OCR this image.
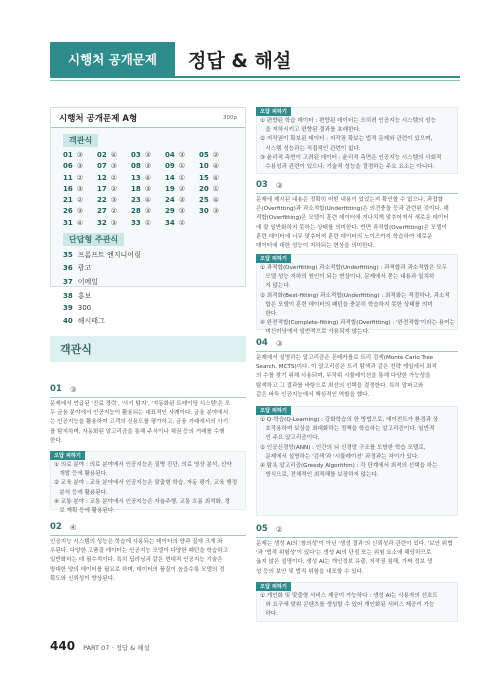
시행처 공개문제	정답 & 해설
시행처 공개문제 A형	300p
객관식
01 ③	02 ④	03 ③	04 ③	05 ②
06 ③	07 ③	08 ③	09 ①	10 ④
11 ②	12 ②	13 ④	14 ①	15 ④
16 ③	17 ②	18 ③	19 ②	20 ①
21 ②	22 ③	23 ④	24 ③	25 ④
26 ③	27 ②	28 ③	29 ③	30 ③
31 ④	32 ③	33 ①	34 ②
단답형 주관식
35 프롬프트 엔지니어링
36 광고
37 이메일
38 홍보
39 300
40 해시태그
객관식
01 ③
문제에서 언급된 '진료 경력', '사기 탐지', '자동화된 트레이딩 시스템'은 모
두 금융 분야에서 인공지능이 활용되는 대표적인 사례이다. 금융 분야에서
는 인공지능을 활용하여 고객의 신용도를 평가하고, 금융 거래에서의 사기
를 탐지하며, 자동화된 알고리즘을 통해 주식이나 채권 등의 거래를 수행
한다.
오답 피하기
① 의료 분야 : 의료 분야에서 인공지능은 질병 진단, 의료 영상 분석, 신약
개발 등에 활용된다.
② 교육 분야 : 교육 분야에서 인공지능은 맞춤형 학습, 자동 평가, 교육 행정
분석 등에 활용된다.
④ 교통 분야 : 교통 분야에서 인공지능은 자율주행, 교통 흐름 최적화, 경
로 계획 등에 활용된다.
02 ④
인공지능 시스템의 성능은 학습에 사용되는 데이터의 양과 질에 크게 좌
우된다. 다양한 고품질 데이터는 인공지능 모델이 다양한 패턴을 학습하고
일반화하는 데 필수적이다. 특히 딥러닝과 같은 현대적 인공지능 기술은
방대한 양의 데이터를 필요로 하며, 데이터의 품질이 높을수록 모델의 정
확도와 신뢰성이 향상된다.
오답 피하기
① 편향된 학습 데이터 : 편향된 데이터는 오히려 인공지능 시스템의 성능
을 저하시키고 편향된 결과를 초래한다.
② 저작권이 확보된 데이터 : 저작권 확보는 법적 문제와 관련이 있으며,
시스템 성능과는 직접적인 관련이 없다.
③ 윤리적 측면이 고려된 데이터 : 윤리적 측면은 인공지능 시스템의 사회적
수용성과 관련이 있으나, 기술적 성능을 결정하는 주요 요소는 아니다.
03 ③
문제에 제시된 내용은 정확히 어떤 내용이 있었는지 확인할 수 없으나, 과접합
은(Overfitting)과 과소적합(Underfitting)은 의견충돌 등과 관련된 것이다. 해
적합(Overfitting)은 모델이 훈련 데이터에 지나치게 맞추어져서 새로운 데이터
에 잘 일반화하지 못하는 상태를 의미한다. 반면 과적합(Overfitting)은 모델이
훈련 데이터에 너무 맞추어져 훈련 데이터의 노이즈까지 학습하여 새로운
데이터에 대한 성능이 저하되는 현상을 의미한다.
오답 피하기
① 과적합(Overfitting) 과소적합(Underfitting) : 과적합과 과소적합은 모두
모델 성능 저하의 원인이 되는 현상이나, 문제에서 묻는 내용과 일치하
지 않는다.
② 최적화(Best-fitting) 과소적합(Underfitting) : 최적화는 적절하나, 과소적
합은 모델이 훈련 데이터의 패턴을 충분히 학습하지 못한 상태를 의미
한다.
④ 완전적합(Complete-fitting) 과적합(Overfitting) : '완전적합'이라는 용어는
머신러닝에서 일반적으로 사용되지 않는다.
04 ③
문제에서 설명하는 알고리즘은 몬테카를로 트리 검색(Monte Carlo Tree
Search, MCTS)이다. 이 알고리즘은 트리 탐색과 같은 전략 게임에서 최적
의 수를 찾기 위해 사용되며, 무작위 시뮬레이션을 통해 다양한 가능성을
탐색하고 그 결과를 바탕으로 최선의 선택을 결정한다. 특히 알파고와
같은 바둑 인공지능에서 핵심적인 역할을 했다.
오답 피하기
① Q-학습(Q-Learning) : 강화학습의 한 방법으로, 에이전트가 환경과 상
호작용하며 보상을 최대화하는 정책을 학습하는 알고리즘이다. 일반적
인 주요 알고리즘이다.
② 인공신경망(ANN) : 인간의 뇌 신경망 구조를 모방한 학습 모델로,
문제에서 설명하는 '검색'과 '시뮬레이션' 과정과는 차이가 있다.
④ 탐욕 알고리즘(Greedy Algorithm) : 각 단계에서 최적의 선택을 하는
방식으로, 전체적인 최적해를 보장하지 않는다.
05 ②
문제는 생성 AI의 '창의성'이 아닌 '생성 결과'의 신뢰성과 관련이 있다. '보안 위협
'과 '법적 위험성'이 있다'는 생성 AI의 단점 또는 위험 요소에 해당하므로
옳지 않은 설명이다. 생성 AI는 개인정보 유출, 저작권 침해, 가짜 정보 생
성 등의 보안 및 법적 위험을 내포할 수 있다.
오답 피하기
① 개인화 및 맞춤형 서비스 제공이 가능하다 : 생성 AI는 사용자의 선호도
와 요구에 맞춰 콘텐츠를 생성할 수 있어 개인화된 서비스 제공이 가능
하다.
440 PART 07 · 정답 & 해설
